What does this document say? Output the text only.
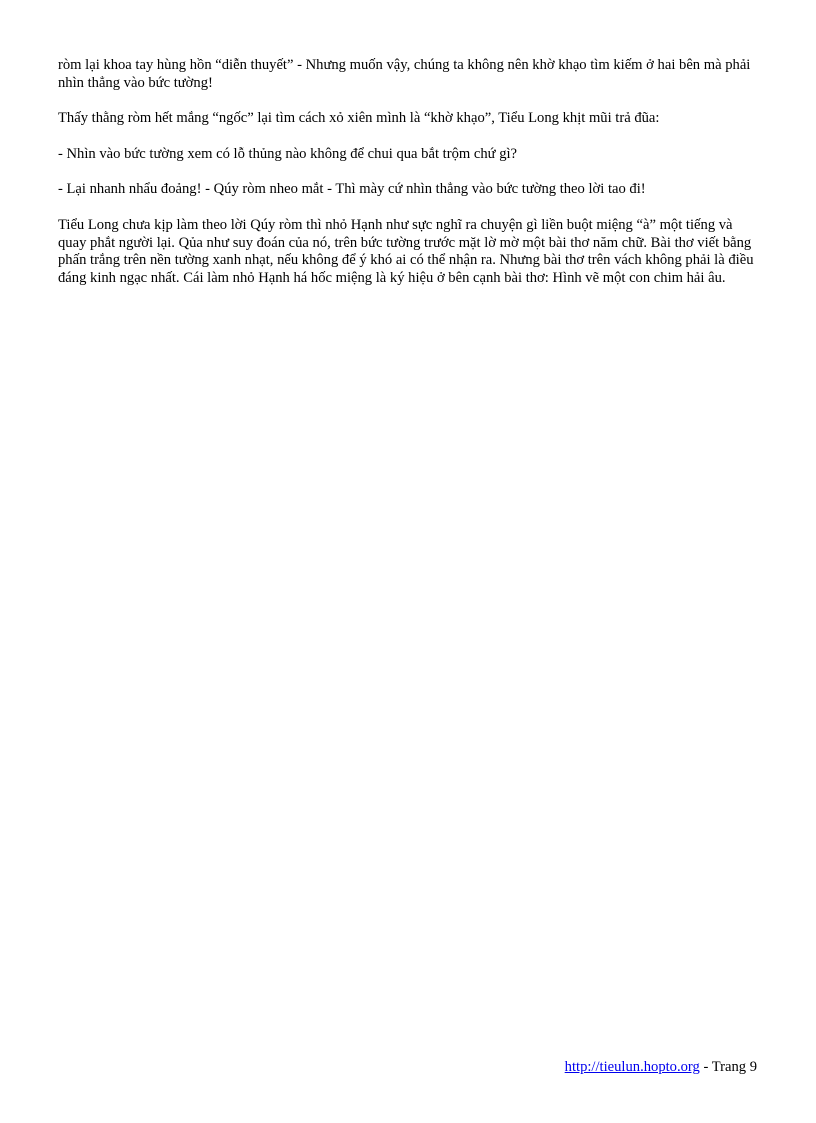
ròm lại khoa tay hùng hồn “diễn thuyết” - Nhưng muốn vậy, chúng ta không nên khờ khạo tìm kiếm ở hai bên mà phải nhìn thẳng vào bức tường!

Thấy thằng ròm hết mắng “ngốc” lại tìm cách xỏ xiên mình là “khờ khạo”, Tiểu Long khịt mũi trả đũa:

- Nhìn vào bức tường xem có lỗ thủng nào không để chui qua bắt trộm chứ gì?

- Lại nhanh nhẩu đoảng! - Qúy ròm nheo mắt - Thì mày cứ nhìn thẳng vào bức tường theo lời tao đi!

Tiểu Long chưa kịp làm theo lời Qúy ròm thì nhỏ Hạnh như sực nghĩ ra chuyện gì liền buột miệng “à” một tiếng và quay phắt người lại. Qủa như suy đoán của nó, trên bức tường trước mặt lờ mờ một bài thơ năm chữ. Bài thơ viết bằng phấn trắng trên nền tường xanh nhạt, nếu không để ý khó ai có thể nhận ra. Nhưng bài thơ trên vách không phải là điều đáng kinh ngạc nhất. Cái làm nhỏ Hạnh há hốc miệng là ký hiệu ở bên cạnh bài thơ: Hình vẽ một con chim hải âu.

http://tieulun.hopto.org - Trang 9
